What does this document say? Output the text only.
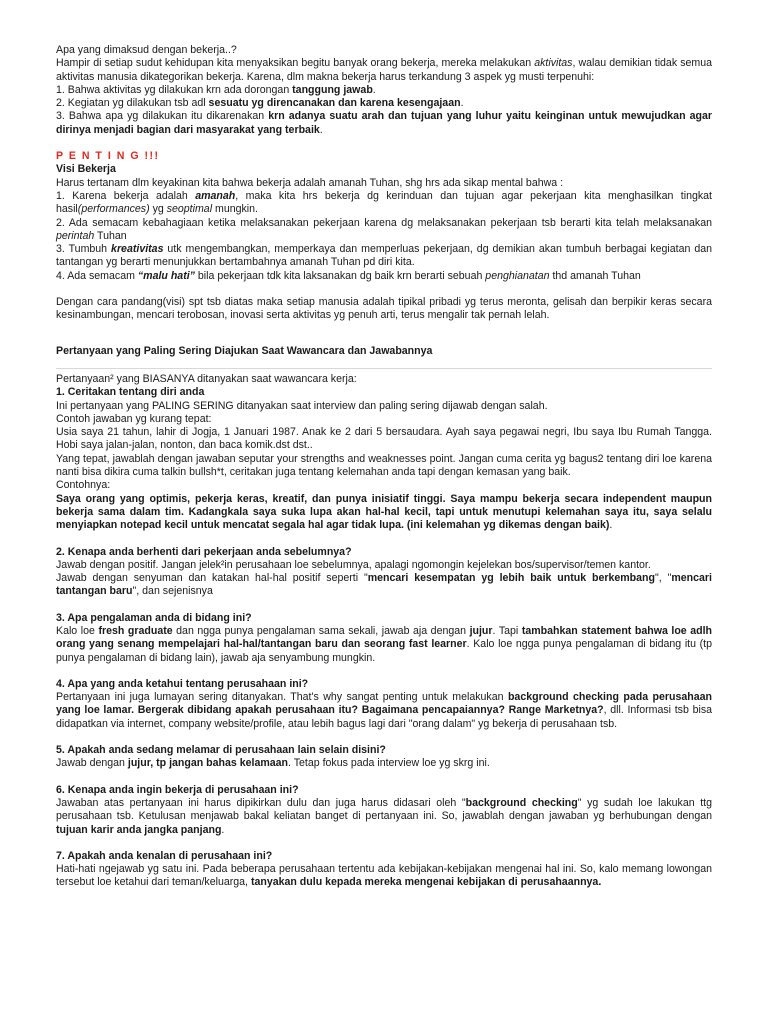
Apa yang dimaksud dengan bekerja..?

Hampir di setiap sudut kehidupan kita menyaksikan begitu banyak orang bekerja, mereka melakukan aktivitas, walau demikian tidak semua aktivitas manusia dikategorikan bekerja. Karena, dlm makna bekerja harus terkandung 3 aspek yg musti terpenuhi:

1. Bahwa aktivitas yg dilakukan krn ada dorongan tanggung jawab.

2. Kegiatan yg dilakukan tsb adl sesuatu yg direncanakan dan karena kesengajaan.

3. Bahwa apa yg dilakukan itu dikarenakan krn adanya suatu arah dan tujuan yang luhur yaitu keinginan untuk mewujudkan agar dirinya menjadi bagian dari masyarakat yang terbaik.

P E N T I N G !!!

Visi Bekerja

Harus tertanam dlm keyakinan kita bahwa bekerja adalah amanah Tuhan, shg hrs ada sikap mental bahwa :

1. Karena bekerja adalah amanah, maka kita hrs bekerja dg kerinduan dan tujuan agar pekerjaan kita menghasilkan tingkat hasil(performances) yg seoptimal mungkin.

2. Ada semacam kebahagiaan ketika melaksanakan pekerjaan karena dg melaksanakan pekerjaan tsb berarti kita telah melaksanakan perintah Tuhan

3. Tumbuh kreativitas utk mengembangkan, memperkaya dan memperluas pekerjaan, dg demikian akan tumbuh berbagai kegiatan dan tantangan yg berarti menunjukkan bertambahnya amanah Tuhan pd diri kita.

4. Ada semacam “malu hati” bila pekerjaan tdk kita laksanakan dg baik krn berarti sebuah penghianatan thd amanah Tuhan

Dengan cara pandang(visi) spt tsb diatas maka setiap manusia adalah tipikal pribadi yg terus meronta, gelisah dan berpikir keras secara kesinambungan, mencari terobosan, inovasi serta aktivitas yg penuh arti, terus mengalir tak pernah lelah.

Pertanyaan yang Paling Sering Diajukan Saat Wawancara dan Jawabannya

Pertanyaan² yang BIASANYA ditanyakan saat wawancara kerja:

1. Ceritakan tentang diri anda

Ini pertanyaan yang PALING SERING ditanyakan saat interview dan paling sering dijawab dengan salah.

Contoh jawaban yg kurang tepat:

Usia saya 21 tahun, lahir di Jogja, 1 Januari 1987. Anak ke 2 dari 5 bersaudara. Ayah saya pegawai negri, Ibu saya Ibu Rumah Tangga. Hobi saya jalan-jalan, nonton, dan baca komik.dst dst..

Yang tepat, jawablah dengan jawaban seputar your strengths and weaknesses point. Jangan cuma cerita yg bagus2 tentang diri loe karena nanti bisa dikira cuma talkin bullsh*t, ceritakan juga tentang kelemahan anda tapi dengan kemasan yang baik.

Contohnya:

Saya orang yang optimis, pekerja keras, kreatif, dan punya inisiatif tinggi. Saya mampu bekerja secara independent maupun bekerja sama dalam tim. Kadangkala saya suka lupa akan hal-hal kecil, tapi untuk menutupi kelemahan saya itu, saya selalu menyiapkan notepad kecil untuk mencatat segala hal agar tidak lupa. (ini kelemahan yg dikemas dengan baik).

2. Kenapa anda berhenti dari pekerjaan anda sebelumnya?

Jawab dengan positif. Jangan jelek²in perusahaan loe sebelumnya, apalagi ngomongin kejelekan bos/supervisor/temen kantor.

Jawab dengan senyuman dan katakan hal-hal positif seperti "mencari kesempatan yg lebih baik untuk berkembang", "mencari tantangan baru", dan sejenisnya

3. Apa pengalaman anda di bidang ini?

Kalo loe fresh graduate dan ngga punya pengalaman sama sekali, jawab aja dengan jujur. Tapi tambahkan statement bahwa loe adlh orang yang senang mempelajari hal-hal/tantangan baru dan seorang fast learner. Kalo loe ngga punya pengalaman di bidang itu (tp punya pengalaman di bidang lain), jawab aja senyambung mungkin.

4. Apa yang anda ketahui tentang perusahaan ini?

Pertanyaan ini juga lumayan sering ditanyakan. That's why sangat penting untuk melakukan background checking pada perusahaan yang loe lamar. Bergerak dibidang apakah perusahaan itu? Bagaimana pencapaiannya? Range Marketnya?, dll. Informasi tsb bisa didapatkan via internet, company website/profile, atau lebih bagus lagi dari "orang dalam" yg bekerja di perusahaan tsb.

5. Apakah anda sedang melamar di perusahaan lain selain disini?

Jawab dengan jujur, tp jangan bahas kelamaan. Tetap fokus pada interview loe yg skrg ini.

6. Kenapa anda ingin bekerja di perusahaan ini?

Jawaban atas pertanyaan ini harus dipikirkan dulu dan juga harus didasari oleh "background checking" yg sudah loe lakukan ttg perusahaan tsb. Ketulusan menjawab bakal keliatan banget di pertanyaan ini. So, jawablah dengan jawaban yg berhubungan dengan tujuan karir anda jangka panjang.

7. Apakah anda kenalan di perusahaan ini?

Hati-hati ngejawab yg satu ini. Pada beberapa perusahaan tertentu ada kebijakan-kebijakan mengenai hal ini. So, kalo memang lowongan tersebut loe ketahui dari teman/keluarga, tanyakan dulu kepada mereka mengenai kebijakan di perusahaannya.
